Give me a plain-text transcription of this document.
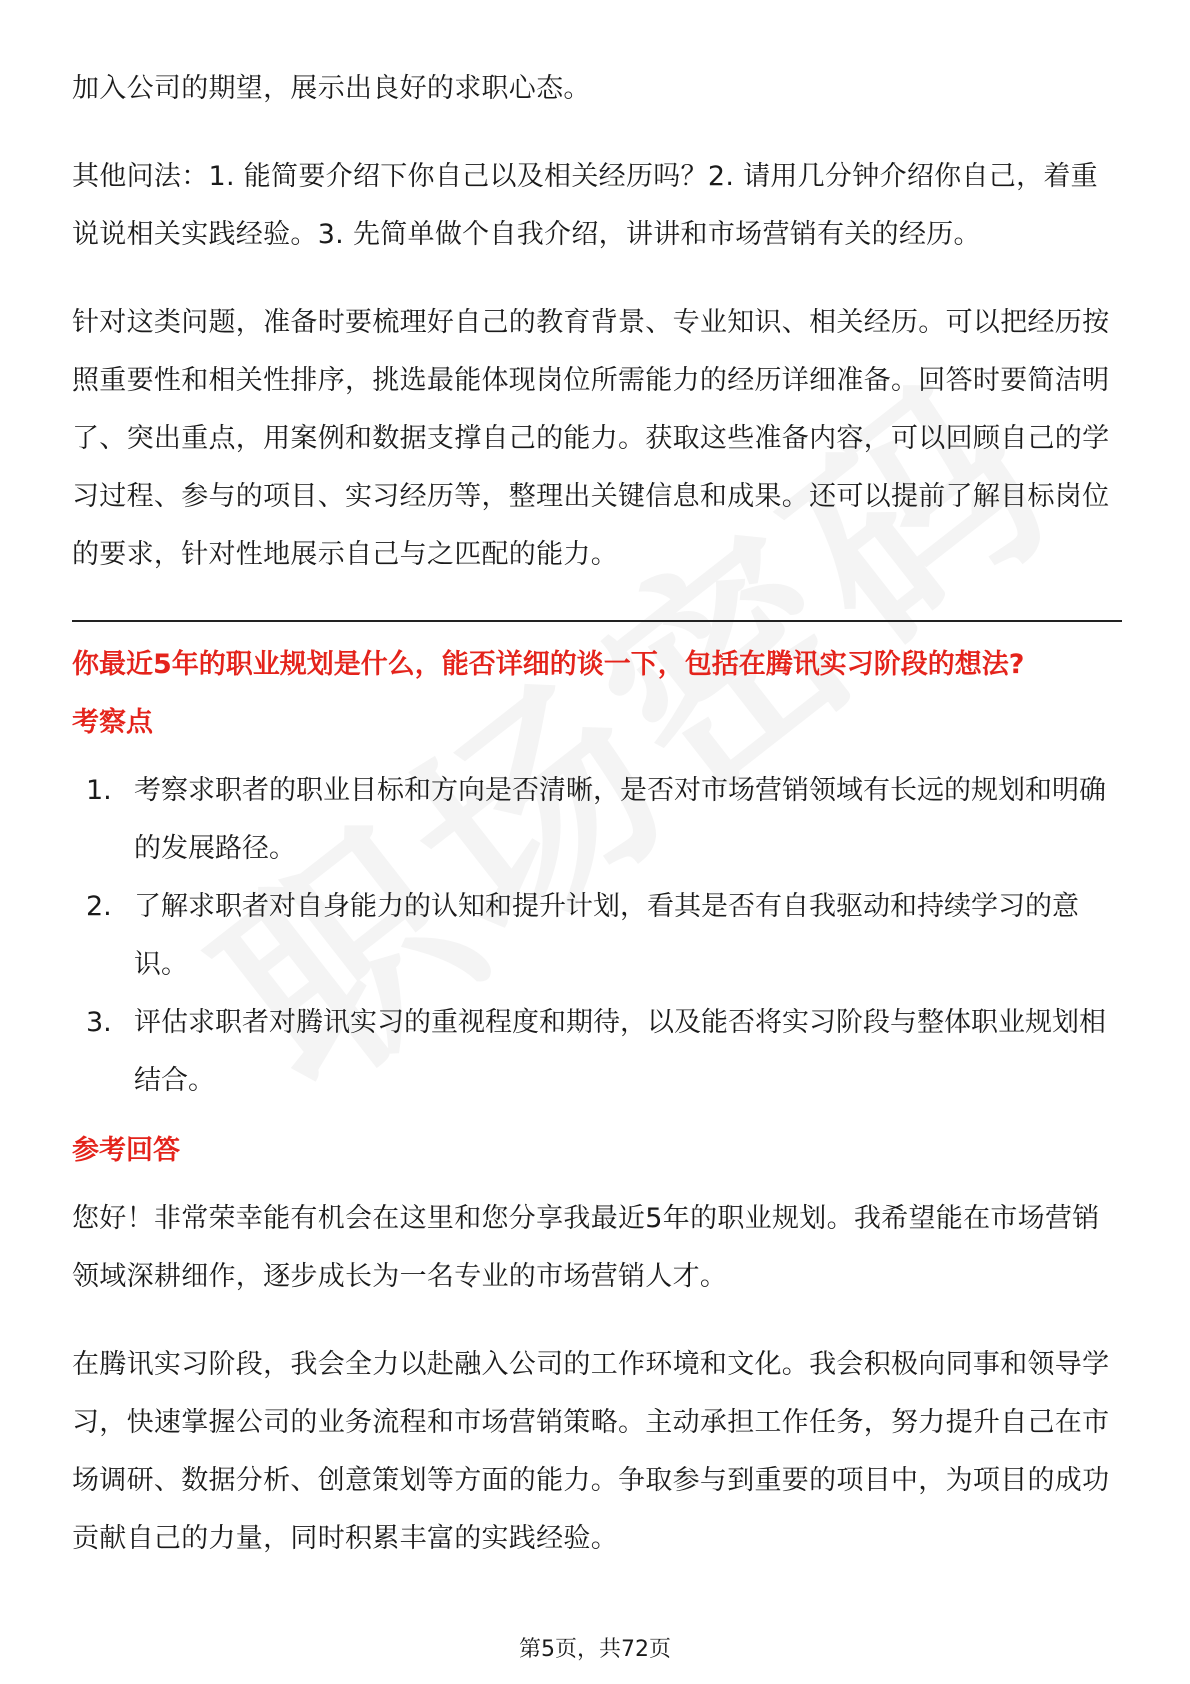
加入公司的期望，展示出良好的求职心态。

其他问法：1. 能简要介绍下你自己以及相关经历吗？2. 请用几分钟介绍你自己，着重说说相关实践经验。3. 先简单做个自我介绍，讲讲和市场营销有关的经历。

针对这类问题，准备时要梳理好自己的教育背景、专业知识、相关经历。可以把经历按照重要性和相关性排序，挑选最能体现岗位所需能力的经历详细准备。回答时要简洁明了、突出重点，用案例和数据支撑自己的能力。获取这些准备内容，可以回顾自己的学习过程、参与的项目、实习经历等，整理出关键信息和成果。还可以提前了解目标岗位的要求，针对性地展示自己与之匹配的能力。

你最近5年的职业规划是什么，能否详细的谈一下，包括在腾讯实习阶段的想法?

考察点

1. 考察求职者的职业目标和方向是否清晰，是否对市场营销领域有长远的规划和明确的发展路径。
2. 了解求职者对自身能力的认知和提升计划，看其是否有自我驱动和持续学习的意识。
3. 评估求职者对腾讯实习的重视程度和期待，以及能否将实习阶段与整体职业规划相结合。

参考回答

您好！非常荣幸能有机会在这里和您分享我最近5年的职业规划。我希望能在市场营销领域深耕细作，逐步成长为一名专业的市场营销人才。

在腾讯实习阶段，我会全力以赴融入公司的工作环境和文化。我会积极向同事和领导学习，快速掌握公司的业务流程和市场营销策略。主动承担工作任务，努力提升自己在市场调研、数据分析、创意策划等方面的能力。争取参与到重要的项目中，为项目的成功贡献自己的力量，同时积累丰富的实践经验。

第5页，共72页
